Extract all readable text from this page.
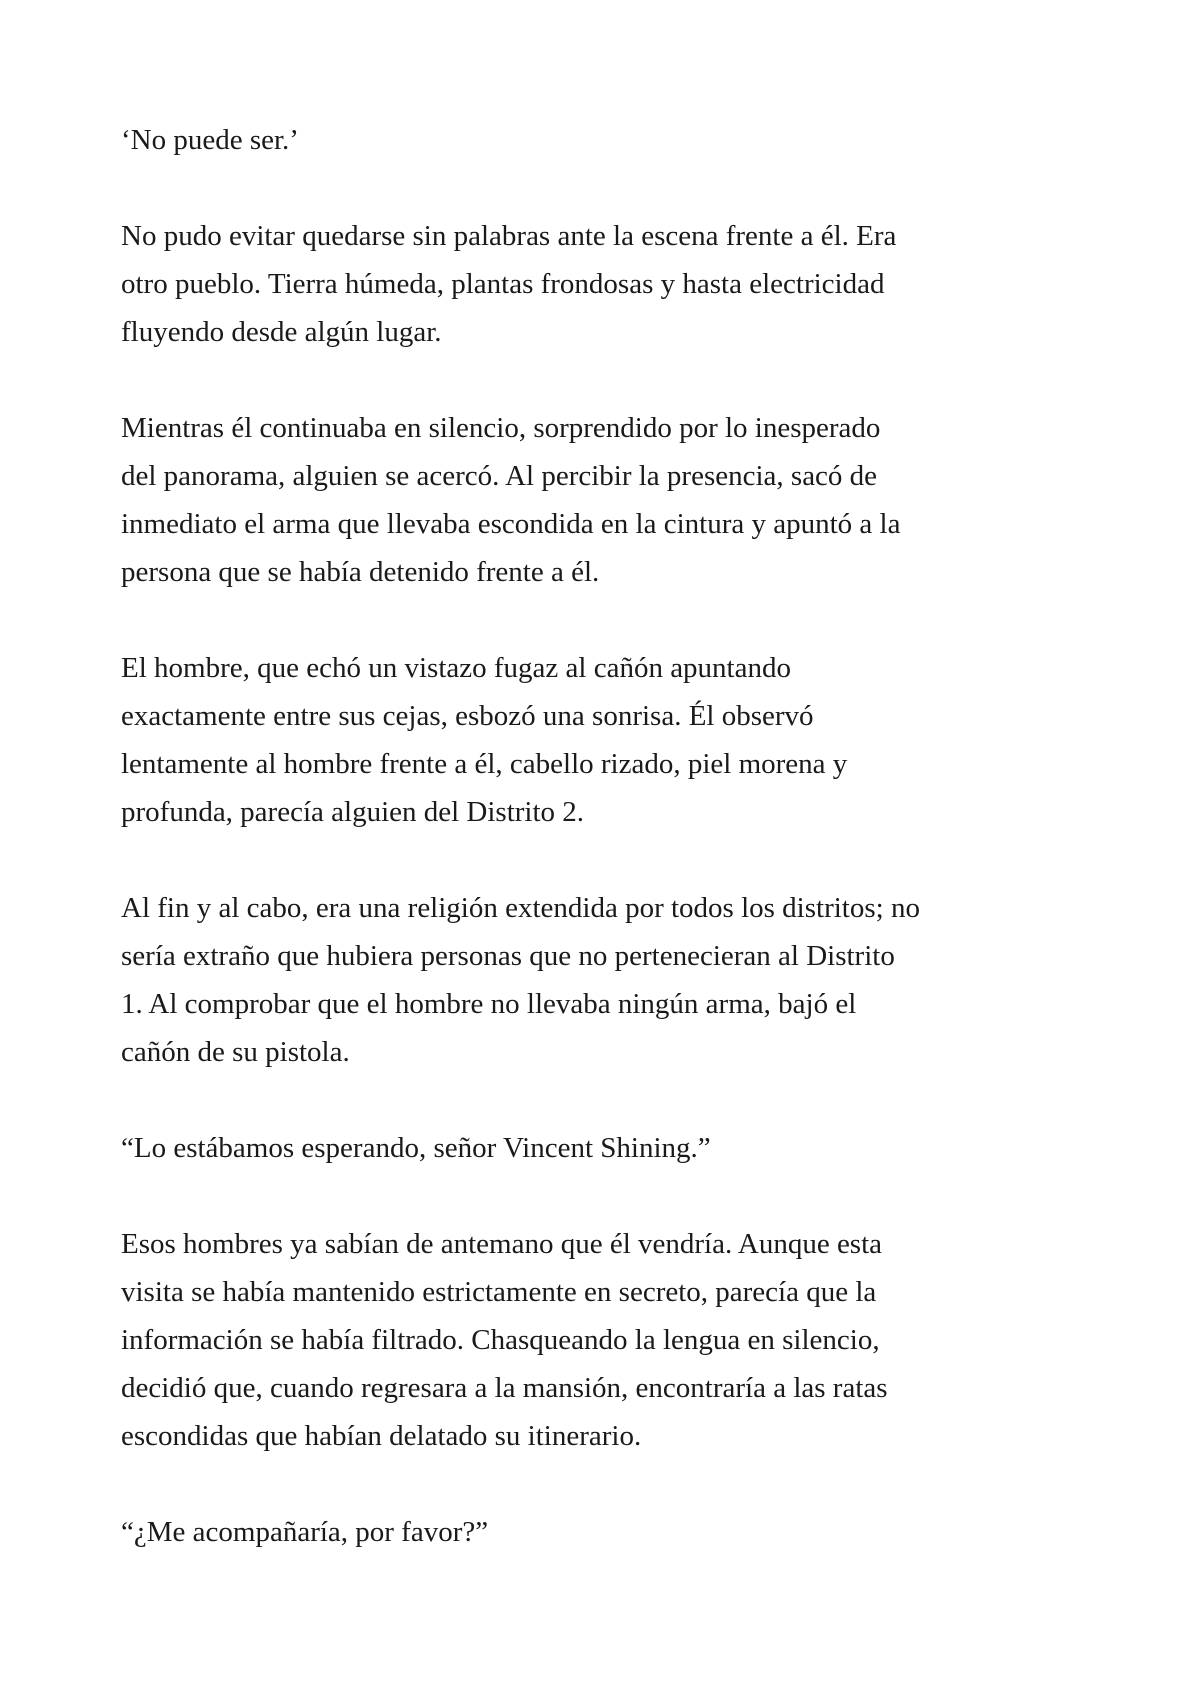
‘No puede ser.’

No pudo evitar quedarse sin palabras ante la escena frente a él. Era
otro pueblo. Tierra húmeda, plantas frondosas y hasta electricidad
fluyendo desde algún lugar.

Mientras él continuaba en silencio, sorprendido por lo inesperado
del panorama, alguien se acercó. Al percibir la presencia, sacó de
inmediato el arma que llevaba escondida en la cintura y apuntó a la
persona que se había detenido frente a él.

El hombre, que echó un vistazo fugaz al cañón apuntando
exactamente entre sus cejas, esbozó una sonrisa. Él observó
lentamente al hombre frente a él, cabello rizado, piel morena y
profunda, parecía alguien del Distrito 2.

Al fin y al cabo, era una religión extendida por todos los distritos; no
sería extraño que hubiera personas que no pertenecieran al Distrito
1. Al comprobar que el hombre no llevaba ningún arma, bajó el
cañón de su pistola.

“Lo estábamos esperando, señor Vincent Shining.”

Esos hombres ya sabían de antemano que él vendría. Aunque esta
visita se había mantenido estrictamente en secreto, parecía que la
información se había filtrado. Chasqueando la lengua en silencio,
decidió que, cuando regresara a la mansión, encontraría a las ratas
escondidas que habían delatado su itinerario.

“¿Me acompañaría, por favor?”
